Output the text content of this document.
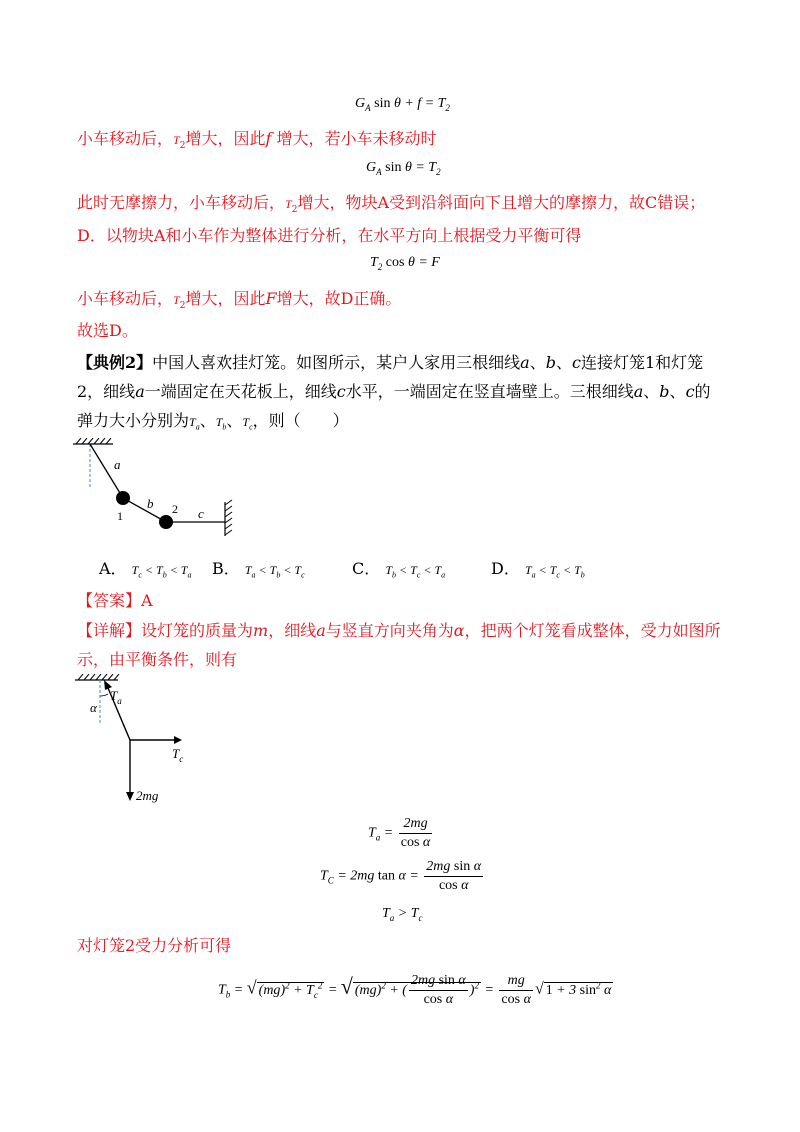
$G_A$ $\sin \theta + f = T_2$
小车移动后，$T_2$增大，因此f 增大，若小车未移动时
$G_A$ $\sin \theta = T_2$
此时无摩擦力，小车移动后，$T_2$增大，物块A受到沿斜面向下且增大的摩擦力，故C错误；
D．以物块A和小车作为整体进行分析，在水平方向上根据受力平衡可得
$T_2$ cos θ = F
小车移动后，$T_2$增大，因此F增大，故D正确。
故选D。
【典例2】中国人喜欢挂灯笼。如图所示，某户人家用三根细线a、b、c连接灯笼1和灯笼
2，细线a一端固定在天花板上，细线c水平，一端固定在竖直墙壁上。三根细线a、b、c的
弹力大小分别为$T_a$、$T_b$、$T_c$，则（　　）
a
b
c
1	2
A． $T_c < T_b < T_a$ B． $T_a < T_b < T_c$	C． $T_b < T_c < T_a$	D． $T_a < T_c < T_b$
【答案】A
【详解】设灯笼的质量为m，细线a与竖直方向夹角为α，把两个灯笼看成整体，受力如图所
示，由平衡条件，则有
$T_a$
α
$T_c$
2mg
$T_a = \frac{2mg}{\text{cos α}}$
$T_C = 2mg$ $\tan \alpha = \frac{\text{2mg sin α}}{\text{cos α}}$
$T_a > T_c$
对灯笼2受力分析可得
$T_b$ = √ $(mg)^2 + T_c^2$ = √ (mg)$^2$ + ( $\frac{\text{2mg sin α}}{\text{cos α}} )^2 = \frac{mg}{\text{cos α}}$ √ 1 + 3 $\sin^2 \alpha$
